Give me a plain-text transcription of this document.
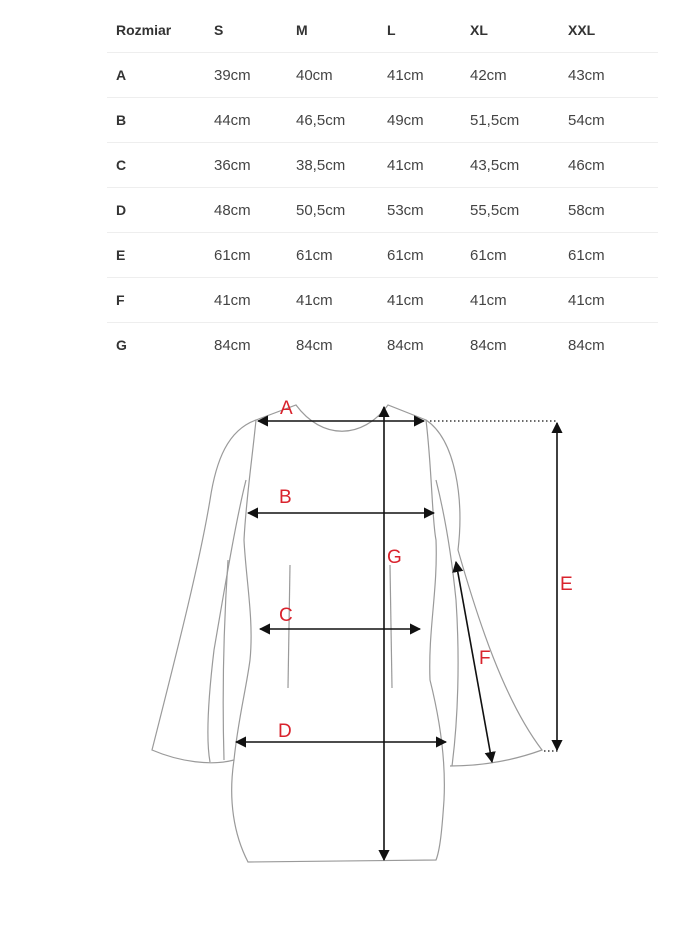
Rozmiar	S	M	L	XL	XXL
A	39cm	40cm	41cm	42cm	43cm
B	44cm	46,5cm	49cm	51,5cm	54cm
C	36cm	38,5cm	41cm	43,5cm	46cm
D	48cm	50,5cm	53cm	55,5cm	58cm
E	61cm	61cm	61cm	61cm	61cm
F	41cm	41cm	41cm	41cm	41cm
G	84cm	84cm	84cm	84cm	84cm
A
B
C
D
E
F
G
